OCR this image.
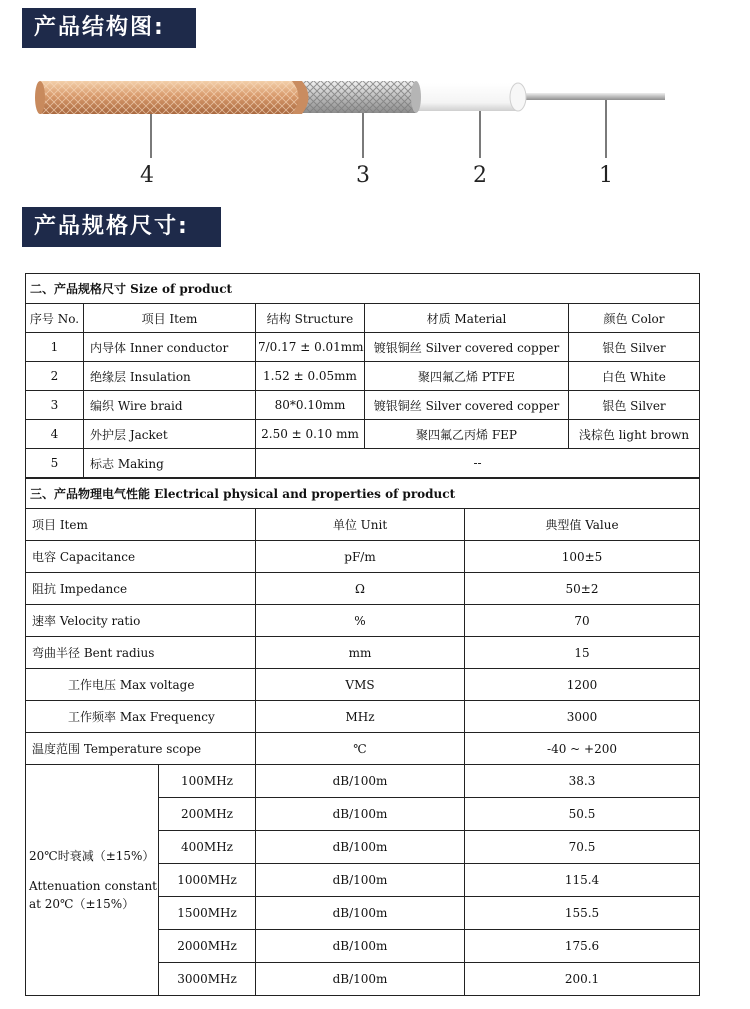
产品结构图:
4	3	2	1
产品规格尺寸:
二、产品规格尺寸 Size of product				
序号 No.	项目 Item	结构 Structure	材质 Material	颜色 Color
1	内导体 Inner conductor	7/0.17 ± 0.01mm	镀银铜丝 Silver covered copper	银色 Silver
2	绝缘层 Insulation	1.52 ± 0.05mm	聚四氟乙烯 PTFE	白色 White
3	编织 Wire braid	80*0.10mm	镀银铜丝 Silver covered copper	银色 Silver
4	外护层 Jacket	2.50 ± 0.10 mm	聚四氟乙丙烯 FEP	浅棕色 light brown
5	标志 Making	--		
三、产品物理电气性能 Electrical physical and properties of product			
项目 Item		单位 Unit	典型值 Value
电容 Capacitance		pF/m	100±5
阻抗 Impedance		Ω	50±2
速率 Velocity ratio		%	70
弯曲半径 Bent radius		mm	15
工作电压 Max voltage		VMS	1200
工作频率 Max Frequency		MHz	3000
温度范围 Temperature scope		℃	-40 ~ +200

20℃时衰减（±15%）
Attenuation constant
at 20℃（±15%）	100MHz	dB/100m	38.3
	200MHz	dB/100m	50.5
	400MHz	dB/100m	70.5
	1000MHz	dB/100m	115.4
	1500MHz	dB/100m	155.5
	2000MHz	dB/100m	175.6
	3000MHz	dB/100m	200.1
